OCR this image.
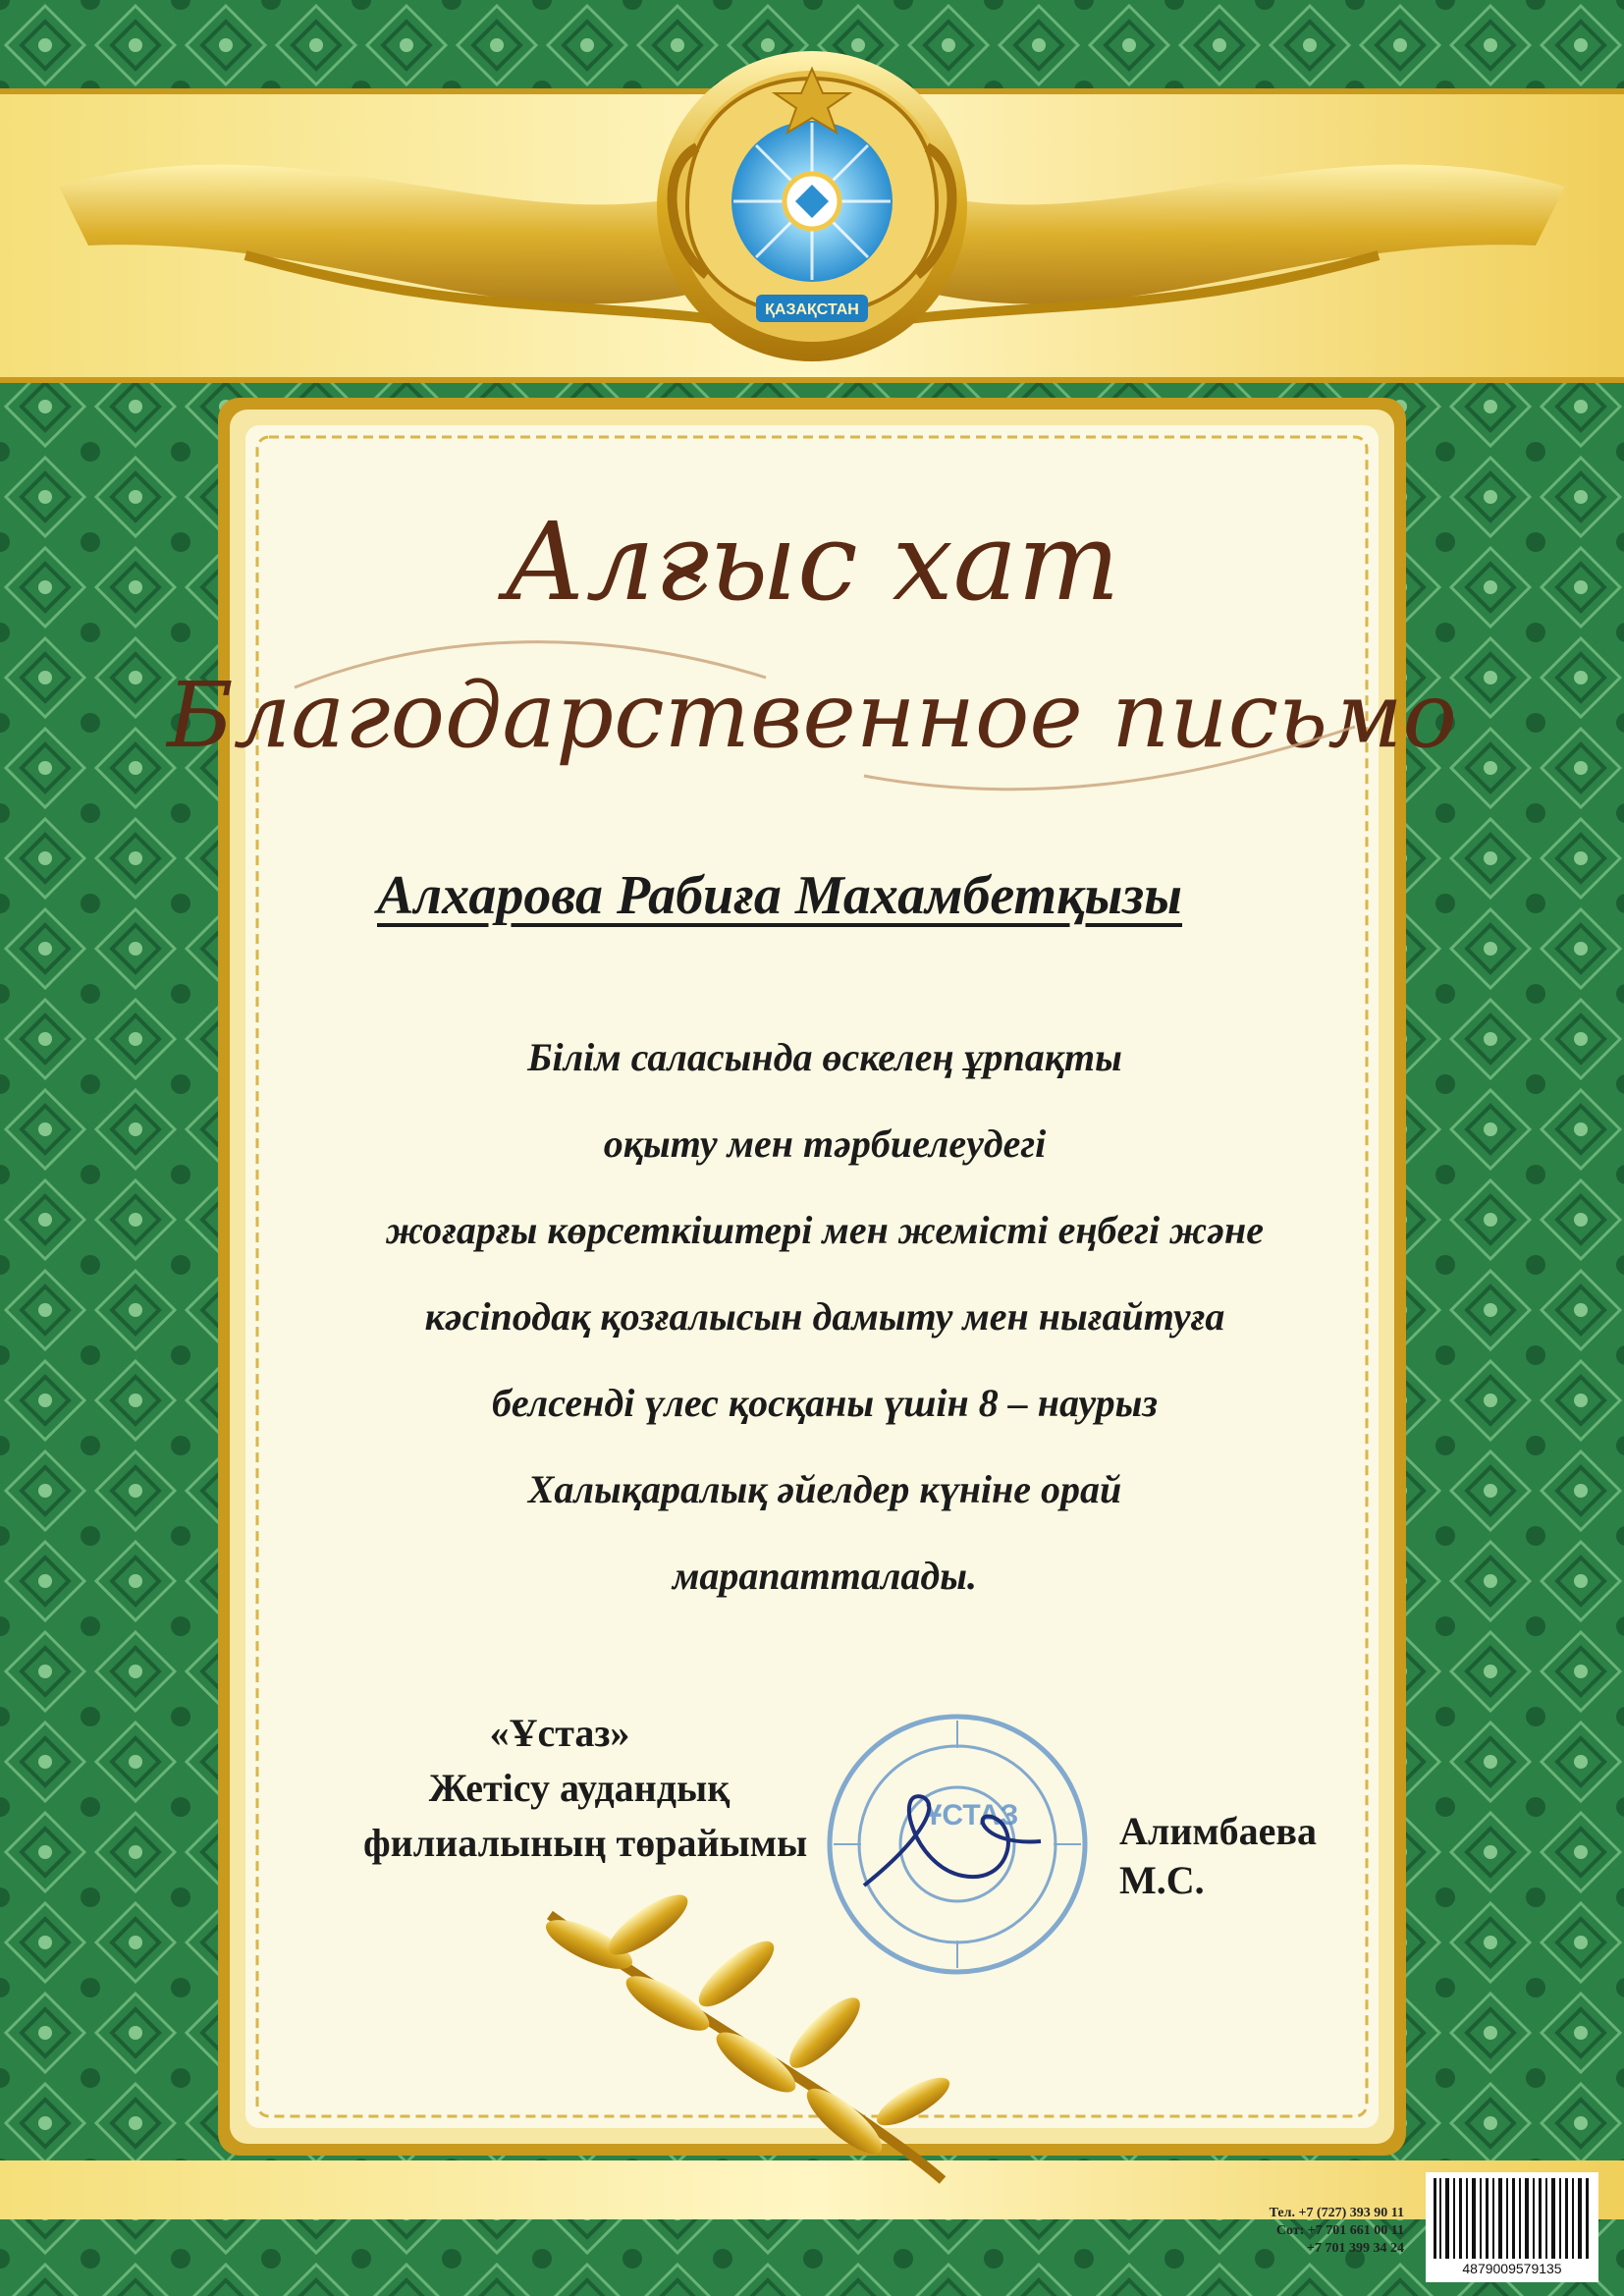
ҚАЗАҚСТАН
Алғыс хат
Благодарственное письмо
ҰСТАЗ

Алхарова Рабиға Махамбетқызы

Білім саласында өскелең ұрпақты

оқыту мен тәрбиелеудегі

жоғарғы көрсеткіштері мен жемісті еңбегі және

кәсіподақ қозғалысын дамыту мен нығайтуға

белсенді үлес қосқаны үшін 8 – наурыз

Халықаралық әйелдер күніне орай

марапатталады.

«Ұстаз»

Жетісу аудандық

филиалының төрайымы	Алимбаева М.С.

Тел. +7 (727) 393 90 11
Сот: +7 701 661 00 11
+7 701 399 34 24

4879009579135
